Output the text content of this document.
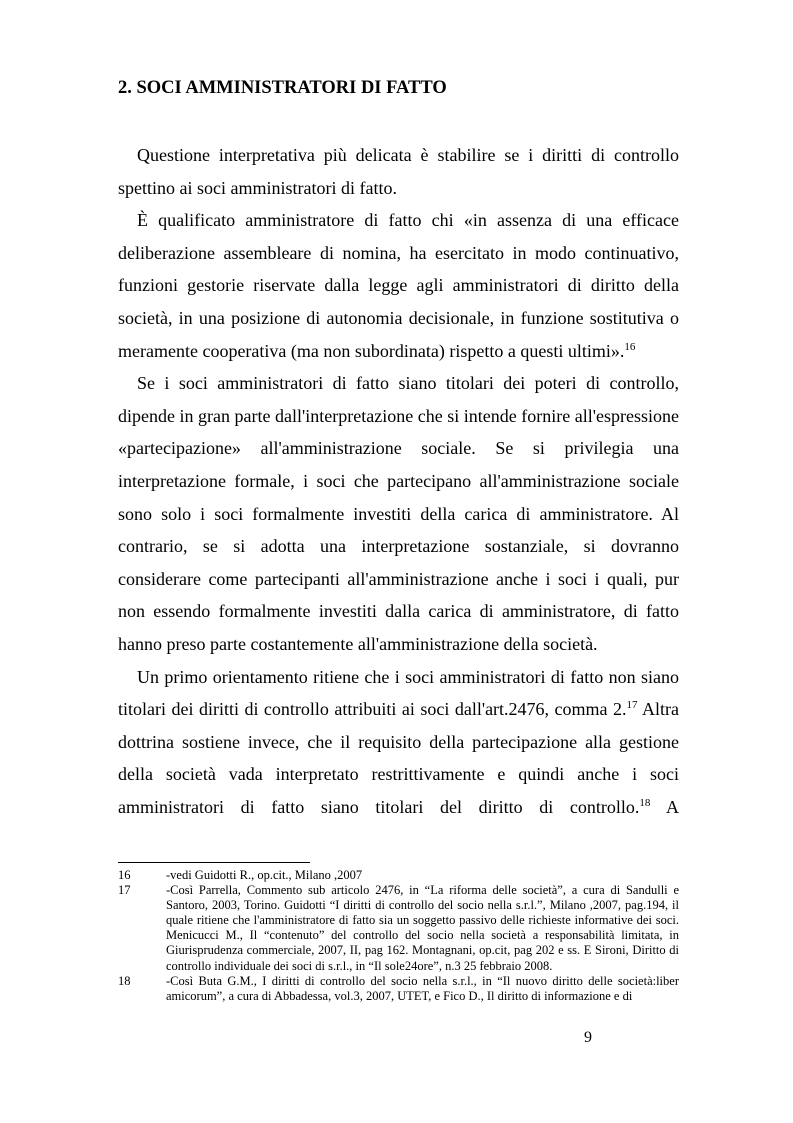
2. SOCI AMMINISTRATORI DI FATTO

Questione interpretativa più delicata è stabilire se i diritti di controllo spettino ai soci amministratori di fatto.

È qualificato amministratore di fatto chi «in assenza di una efficace deliberazione assembleare di nomina, ha esercitato in modo continuativo, funzioni gestorie riservate dalla legge agli amministratori di diritto della società, in una posizione di autonomia decisionale, in funzione sostitutiva o meramente cooperativa (ma non subordinata) rispetto a questi ultimi».$^{16}$

Se i soci amministratori di fatto siano titolari dei poteri di controllo, dipende in gran parte dall'interpretazione che si intende fornire all'espressione «partecipazione» all'amministrazione sociale. Se si privilegia una interpretazione formale, i soci che partecipano all'amministrazione sociale sono solo i soci formalmente investiti della carica di amministratore. Al contrario, se si adotta una interpretazione sostanziale, si dovranno considerare come partecipanti all'amministrazione anche i soci i quali, pur non essendo formalmente investiti dalla carica di amministratore, di fatto hanno preso parte costantemente all'amministrazione della società.

Un primo orientamento ritiene che i soci amministratori di fatto non siano titolari dei diritti di controllo attribuiti ai soci dall'art.2476, comma 2.17 Altra dottrina sostiene invece, che il requisito della partecipazione alla gestione della società vada interpretato restrittivamente e quindi anche i soci amministratori di fatto siano titolari del diritto di controllo.$^{18}$ A

16	-vedi Guidotti R., op.cit., Milano ,2007
17	-Così Parrella, Commento sub articolo 2476, in “La riforma delle società”, a cura di Sandulli e Santoro, 2003, Torino. Guidotti “I diritti di controllo del socio nella s.r.l.”, Milano ,2007, pag.194, il quale ritiene che l'amministratore di fatto sia un soggetto passivo delle richieste informative dei soci. Menicucci M., Il “contenuto” del controllo del socio nella società a responsabilità limitata, in Giurisprudenza commerciale, 2007, II, pag 162. Montagnani, op.cit, pag 202 e ss. E Sironi, Diritto di controllo individuale dei soci di s.r.l., in “Il sole24ore”, n.3 25 febbraio 2008.
18	-Così Buta G.M., I diritti di controllo del socio nella s.r.l., in “Il nuovo diritto delle società:liber amicorum”, a cura di Abbadessa, vol.3, 2007, UTET, e Fico D., Il diritto di informazione e di
9
